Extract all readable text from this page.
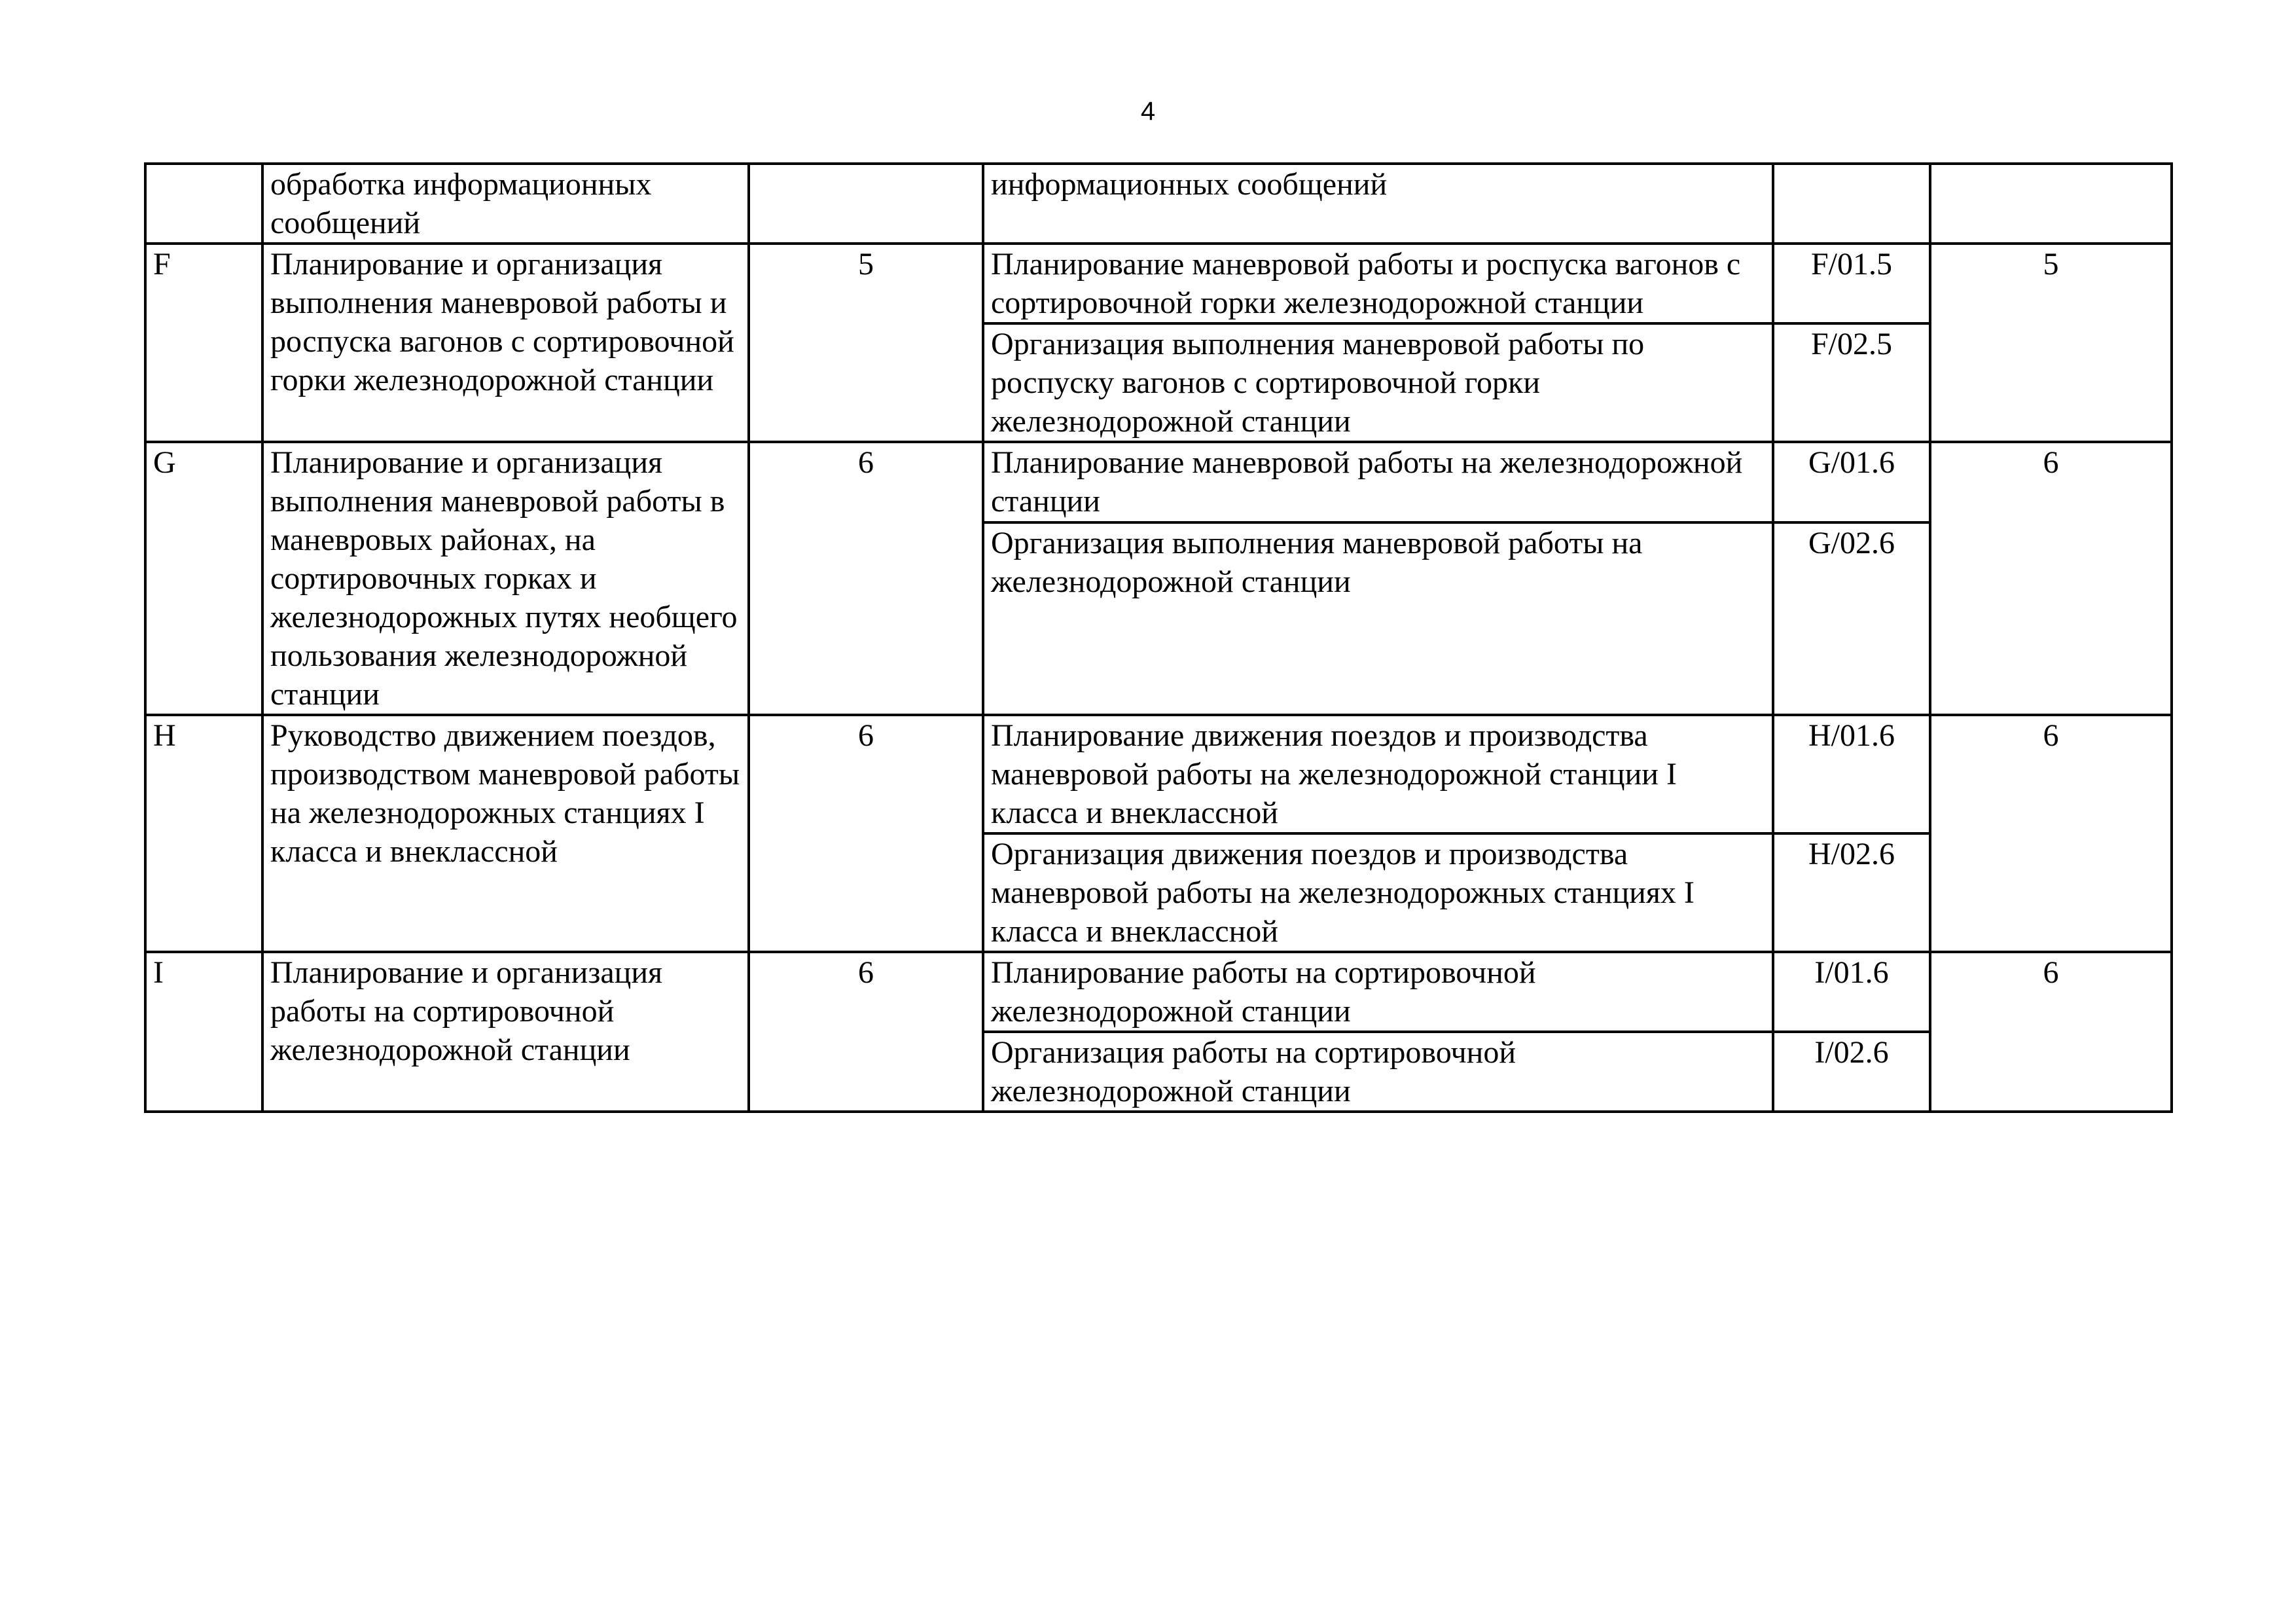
4
	обработка информационных сообщений		информационных сообщений		
F	Планирование и организация выполнения маневровой работы и роспуска вагонов с сортировочной горки железнодорожной станции	5	Планирование маневровой работы и роспуска вагонов с сортировочной горки железнодорожной станции	F/01.5	5
			Организация выполнения маневровой работы по роспуску вагонов с сортировочной горки железнодорожной станции	F/02.5	
G	Планирование и организация выполнения маневровой работы в маневровых районах, на сортировочных горках и железнодорожных путях необщего пользования железнодорожной станции	6	Планирование маневровой работы на железнодорожной станции	G/01.6	6
			Организация выполнения маневровой работы на железнодорожной станции	G/02.6	
H	Руководство движением поездов, производством маневровой работы на железнодорожных станциях I класса и внеклассной	6	Планирование движения поездов и производства маневровой работы на железнодорожной станции I класса и внеклассной	H/01.6	6
			Организация движения поездов и производства маневровой работы на железнодорожных станциях I класса и внеклассной	H/02.6	
I	Планирование и организация работы на сортировочной железнодорожной станции	6	Планирование работы на сортировочной железнодорожной станции	I/01.6	6
			Организация работы на сортировочной железнодорожной станции	I/02.6	
